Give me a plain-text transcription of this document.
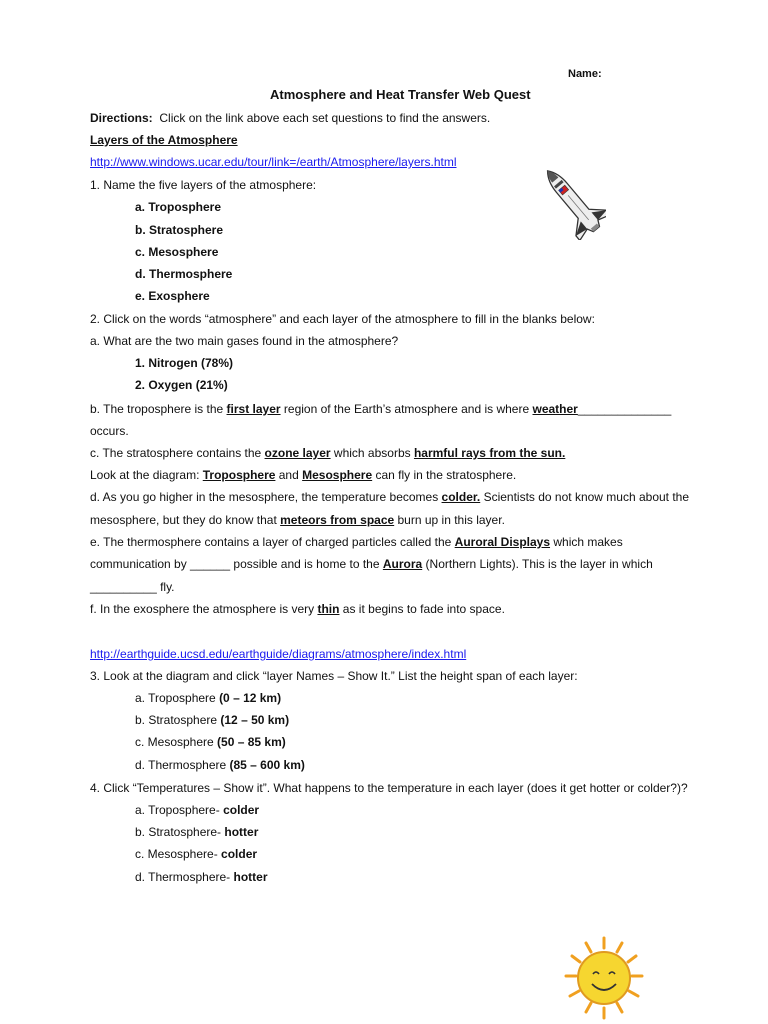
Name:
Atmosphere and Heat Transfer Web Quest
Directions: Click on the link above each set questions to find the answers.
Layers of the Atmosphere
http://www.windows.ucar.edu/tour/link=/earth/Atmosphere/layers.html
1. Name the five layers of the atmosphere:
a. Troposphere
b. Stratosphere
c. Mesosphere
d. Thermosphere
e. Exosphere
2. Click on the words “atmosphere” and each layer of the atmosphere to fill in the blanks below:
a. What are the two main gases found in the atmosphere?
1. Nitrogen (78%)
2. Oxygen (21%)
b. The troposphere is the first layer region of the Earth’s atmosphere and is where weather______________
occurs.
c. The stratosphere contains the ozone layer which absorbs harmful rays from the sun.
Look at the diagram: Troposphere and Mesosphere can fly in the stratosphere.
d. As you go higher in the mesosphere, the temperature becomes colder. Scientists do not know much about the
mesosphere, but they do know that meteors from space burn up in this layer.
e. The thermosphere contains a layer of charged particles called the Auroral Displays which makes
communication by ______ possible and is home to the Aurora (Northern Lights). This is the layer in which
__________ fly.
f. In the exosphere the atmosphere is very thin as it begins to fade into space.
http://earthguide.ucsd.edu/earthguide/diagrams/atmosphere/index.html
3. Look at the diagram and click “layer Names – Show It.” List the height span of each layer:
a. Troposphere (0 – 12 km)
b. Stratosphere (12 – 50 km)
c. Mesosphere (50 – 85 km)
d. Thermosphere (85 – 600 km)
4. Click “Temperatures – Show it”. What happens to the temperature in each layer (does it get hotter or colder?)?
a. Troposphere- colder
b. Stratosphere- hotter
c. Mesosphere- colder
d. Thermosphere- hotter
